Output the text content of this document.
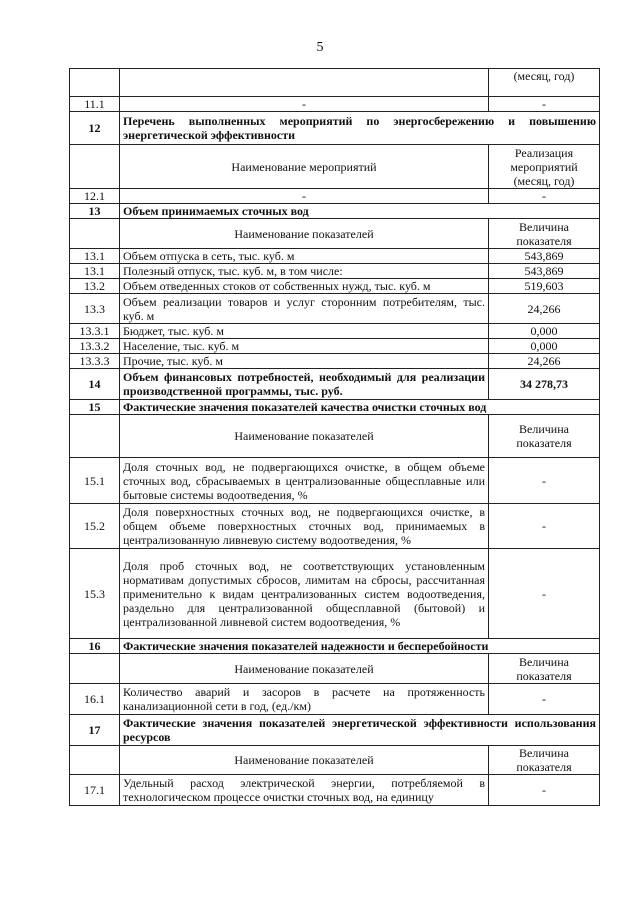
5
		(месяц, год)
11.1	-	-
12	Перечень выполненных мероприятий по энергосбережению и повышению энергетической эффективности	
	Наименование мероприятий	Реализация мероприятий (месяц, год)
12.1	-	-
13	Объем принимаемых сточных вод	
	Наименование показателей	Величина показателя
13.1	Объем отпуска в сеть, тыс. куб. м	543,869
13.1	Полезный отпуск, тыс. куб. м, в том числе:	543,869
13.2	Объем отведенных стоков от собственных нужд, тыс. куб. м	519,603
13.3	Объем реализации товаров и услуг сторонним потребителям, тыс. куб. м	24,266
13.3.1	Бюджет, тыс. куб. м	0,000
13.3.2	Население, тыс. куб. м	0,000
13.3.3	Прочие, тыс. куб. м	24,266
14	Объем финансовых потребностей, необходимый для реализации производственной программы, тыс. руб.	34 278,73
15	Фактические значения показателей качества очистки сточных вод	
	Наименование показателей	Величина показателя
15.1	Доля сточных вод, не подвергающихся очистке, в общем объеме сточных вод, сбрасываемых в централизованные общесплавные или бытовые системы водоотведения, %	-
15.2	Доля поверхностных сточных вод, не подвергающихся очистке, в общем объеме поверхностных сточных вод, принимаемых в централизованную ливневую систему водоотведения, %	-
15.3	Доля проб сточных вод, не соответствующих установленным нормативам допустимых сбросов, лимитам на сбросы, рассчитанная применительно к видам централизованных систем водоотведения, раздельно для централизованной общесплавной (бытовой) и централизованной ливневой систем водоотведения, %	-
16	Фактические значения показателей надежности и бесперебойности	
	Наименование показателей	Величина показателя
16.1	Количество аварий и засоров в расчете на протяженность канализационной сети в год, (ед./км)	-
17	Фактические значения показателей энергетической эффективности использования ресурсов	
	Наименование показателей	Величина показателя
17.1	Удельный расход электрической энергии, потребляемой в технологическом процессе очистки сточных вод, на единицу	-
